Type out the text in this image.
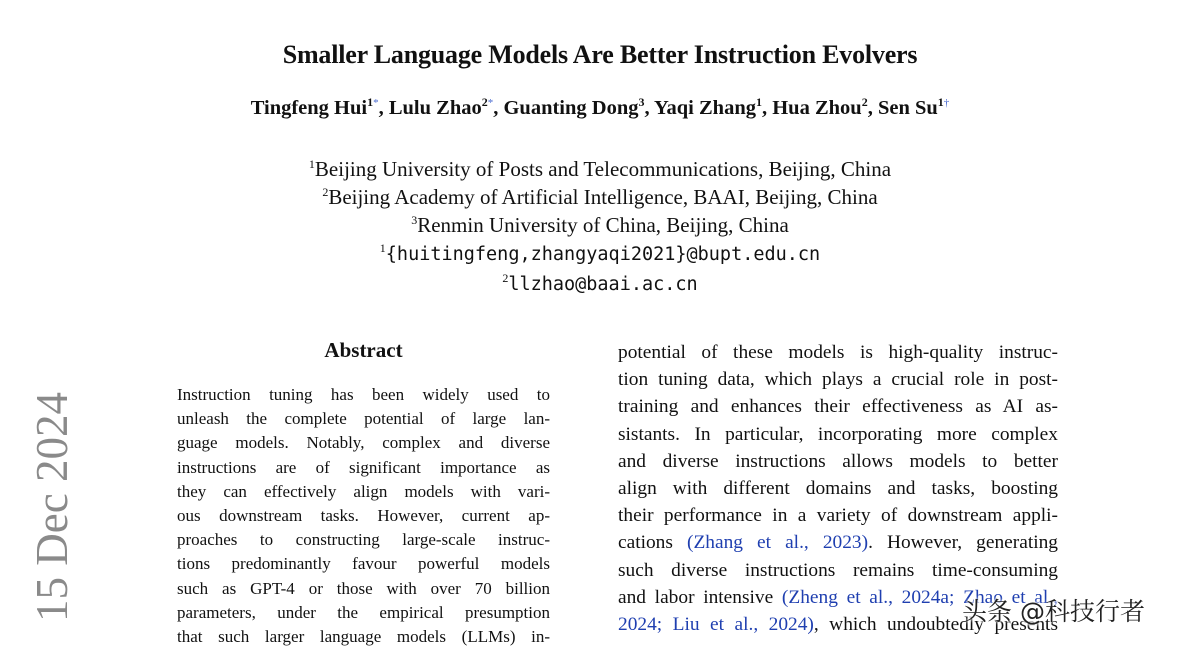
15 Dec 2024
Smaller Language Models Are Better Instruction Evolvers
Tingfeng Hui$^{1*}$, Lulu Zhao$^{2*}$, Guanting Dong$^3$, Yaqi Zhang$^1$, Hua Zhou$^2$, Sen $Su^{1\dagger}$
$^1$Beijing University of Posts and Telecommunications, Beijing, China
$^2$Beijing Academy of Artificial Intelligence, BAAI, Beijing, China
$^3$Renmin University of China, Beijing, China
$^1${huitingfeng,zhangyaqi2021}@bupt.edu.cn
$^2$llzhao@baai.ac.cn
Abstract
Instruction tuning has been widely used to
unleash the complete potential of large lan-
guage models. Notably, complex and diverse
instructions are of significant importance as
they can effectively align models with vari-
ous downstream tasks. However, current ap-
proaches to constructing large-scale instruc-
tions predominantly favour powerful models
such as GPT-4 or those with over 70 billion
parameters, under the empirical presumption
that such larger language models (LLMs) in-
potential of these models is high-quality instruc-
tion tuning data, which plays a crucial role in post-
training and enhances their effectiveness as AI as-
sistants. In particular, incorporating more complex
and diverse instructions allows models to better
align with different domains and tasks, boosting
their performance in a variety of downstream appli-
cations (Zhang et al., 2023). However, generating
such diverse instructions remains time-consuming
and labor intensive (Zheng et al., 2024a; Zhao et al.,
2024; Liu et al., 2024), which undoubtedly presents
头条 @科技行者
